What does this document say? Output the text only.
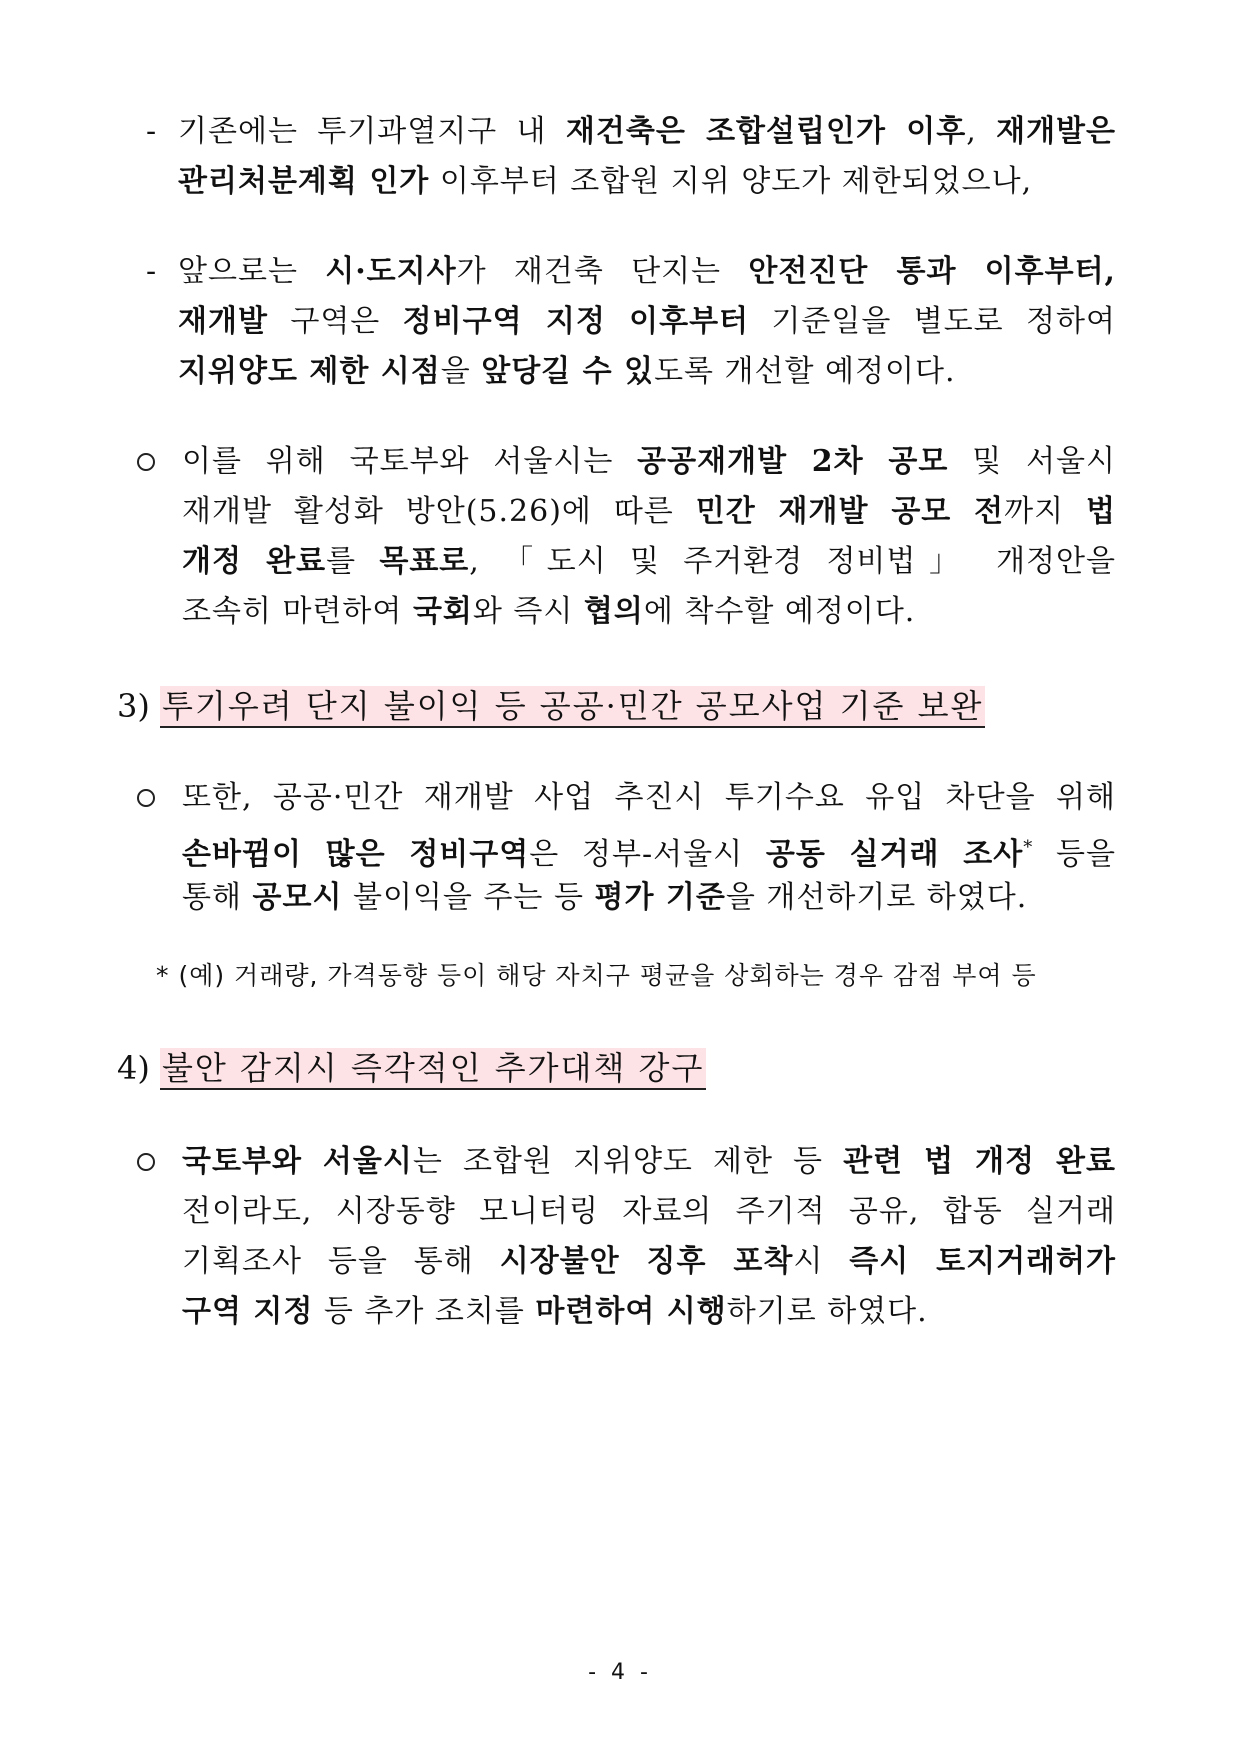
- 기존에는 투기과열지구 내 재건축은 조합설립인가 이후, 재개발은
관리처분계획 인가 이후부터 조합원 지위 양도가 제한되었으나,
- 앞으로는 시·도지사가 재건축 단지는 안전진단 통과 이후부터,
재개발 구역은 정비구역 지정 이후부터 기준일을 별도로 정하여
지위양도 제한 시점을 앞당길 수 있도록 개선할 예정이다.
이를 위해 국토부와 서울시는 공공재개발 2차 공모 및 서울시
재개발 활성화 방안(5.26)에 따른 민간 재개발 공모 전까지 법
개정 완료를 목표로, 「도시 및 주거환경 정비법」 개정안을
조속히 마련하여 국회와 즉시 협의에 착수할 예정이다.
3) 투기우려 단지 불이익 등 공공·민간 공모사업 기준 보완
또한, 공공·민간 재개발 사업 추진시 투기수요 유입 차단을 위해
손바뀜이 많은 정비구역은 정부-서울시 공동 실거래 조사* 등을
통해 공모시 불이익을 주는 등 평가 기준을 개선하기로 하였다.
* (예) 거래량, 가격동향 등이 해당 자치구 평균을 상회하는 경우 감점 부여 등
4) 불안 감지시 즉각적인 추가대책 강구
국토부와 서울시는 조합원 지위양도 제한 등 관련 법 개정 완료
전이라도, 시장동향 모니터링 자료의 주기적 공유, 합동 실거래
기획조사 등을 통해 시장불안 징후 포착시 즉시 토지거래허가
구역 지정 등 추가 조치를 마련하여 시행하기로 하였다.
- 4 -
